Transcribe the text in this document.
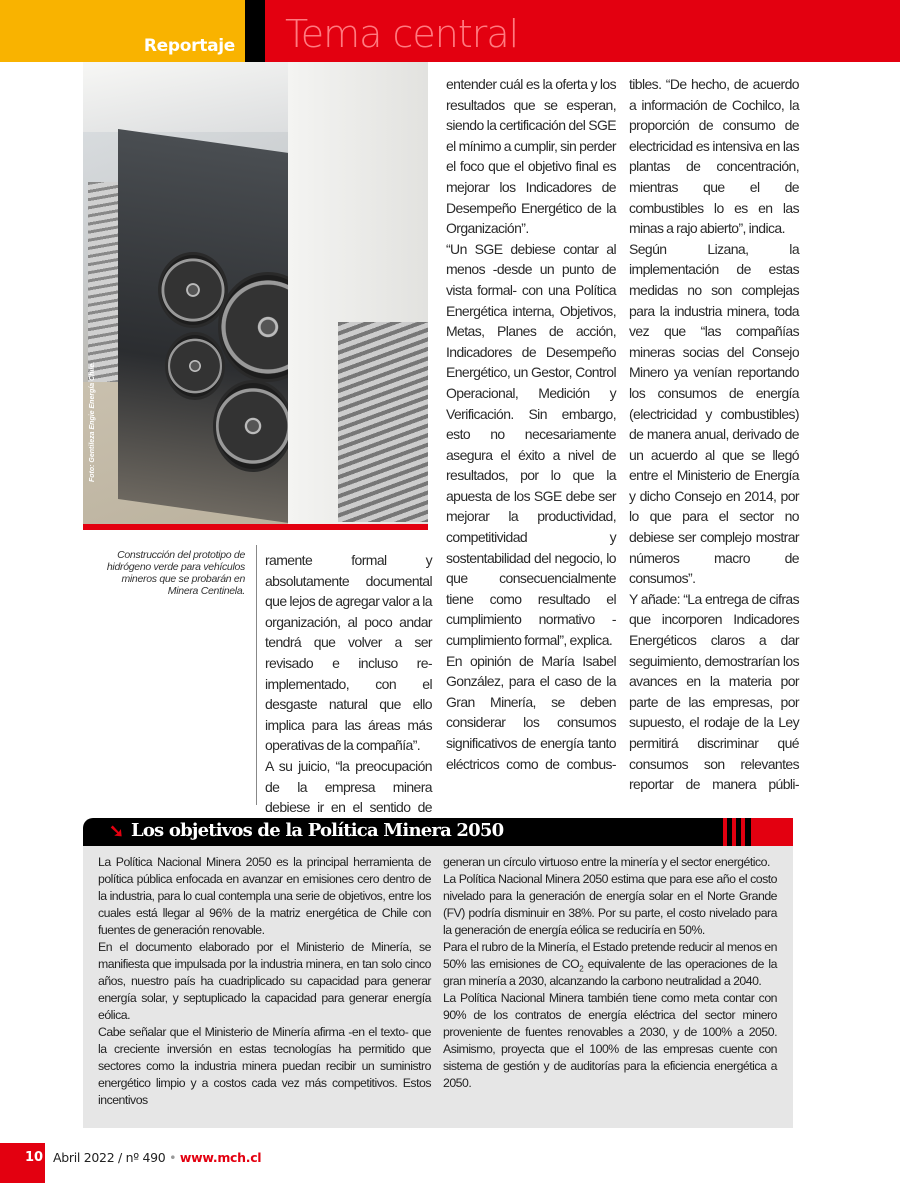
Reportaje Tema central
Foto: Gentileza Engie Energía Chile.
Construcción del prototipo de hidrógeno verde para vehículos mineros que se probarán en Minera Centinela.

ramente formal y absolutamente documental que lejos de agregar valor a la organización, al poco andar tendrá que volver a ser revisado e incluso re-implementado, con el desgaste natural que ello implica para las áreas más operativas de la compañía”.

A su juicio, “la preocupación de la empresa minera debiese ir en el sentido de

entender cuál es la oferta y los resultados que se esperan, siendo la certificación del SGE el mínimo a cumplir, sin perder el foco que el objetivo final es mejorar los Indicadores de Desempeño Energético de la Organización”.

“Un SGE debiese contar al menos -desde un punto de vista formal- con una Política Energética interna, Objetivos, Metas, Planes de acción, Indicadores de Desempeño Energético, un Gestor, Control Operacional, Medición y Verificación. Sin embargo, esto no necesariamente asegura el éxito a nivel de resultados, por lo que la apuesta de los SGE debe ser mejorar la productividad, competitividad y sostentabilidad del negocio, lo que consecuencialmente tiene como resultado el cumplimiento normativo -cumplimiento formal”, explica.

En opinión de María Isabel González, para el caso de la Gran Minería, se deben considerar los consumos significativos de energía tanto eléctricos como de combus-

tibles. “De hecho, de acuerdo a información de Cochilco, la proporción de consumo de electricidad es intensiva en las plantas de concentración, mientras que el de combustibles lo es en las minas a rajo abierto”, indica.

Según Lizana, la implementación de estas medidas no son complejas para la industria minera, toda vez que “las compañías mineras socias del Consejo Minero ya venían reportando los consumos de energía (electricidad y combustibles) de manera anual, derivado de un acuerdo al que se llegó entre el Ministerio de Energía y dicho Consejo en 2014, por lo que para el sector no debiese ser complejo mostrar números macro de consumos”.

Y añade: “La entrega de cifras que incorporen Indicadores Energéticos claros a dar seguimiento, demostrarían los avances en la materia por parte de las empresas, por supuesto, el rodaje de la Ley permitirá discriminar qué consumos son relevantes reportar de manera públi-

➘ Los objetivos de la Política Minera 2050

La Política Nacional Minera 2050 es la principal herramienta de política pública enfocada en avanzar en emisiones cero dentro de la industria, para lo cual contempla una serie de objetivos, entre los cuales está llegar al 96% de la matriz energética de Chile con fuentes de generación renovable.

En el documento elaborado por el Ministerio de Minería, se manifiesta que impulsada por la industria minera, en tan solo cinco años, nuestro país ha cuadriplicado su capacidad para generar energía solar, y septuplicado la capacidad para generar energía eólica.

Cabe señalar que el Ministerio de Minería afirma -en el texto- que la creciente inversión en estas tecnologías ha permitido que sectores como la industria minera puedan recibir un suministro energético limpio y a costos cada vez más competitivos. Estos incentivos

generan un círculo virtuoso entre la minería y el sector energético.

La Política Nacional Minera 2050 estima que para ese año el costo nivelado para la generación de energía solar en el Norte Grande (FV) podría disminuir en 38%. Por su parte, el costo nivelado para la generación de energía eólica se reduciría en 50%.

Para el rubro de la Minería, el Estado pretende reducir al menos en 50% las emisiones de $CO_2$ equivalente de las operaciones de la gran minería a 2030, alcanzando la carbono neutralidad a 2040.

La Política Nacional Minera también tiene como meta contar con 90% de los contratos de energía eléctrica del sector minero proveniente de fuentes renovables a 2030, y de 100% a 2050. Asimismo, proyecta que el 100% de las empresas cuente con sistema de gestión y de auditorías para la eficiencia energética a 2050.

10 Abril 2022 / nº 490 • www.mch.cl
